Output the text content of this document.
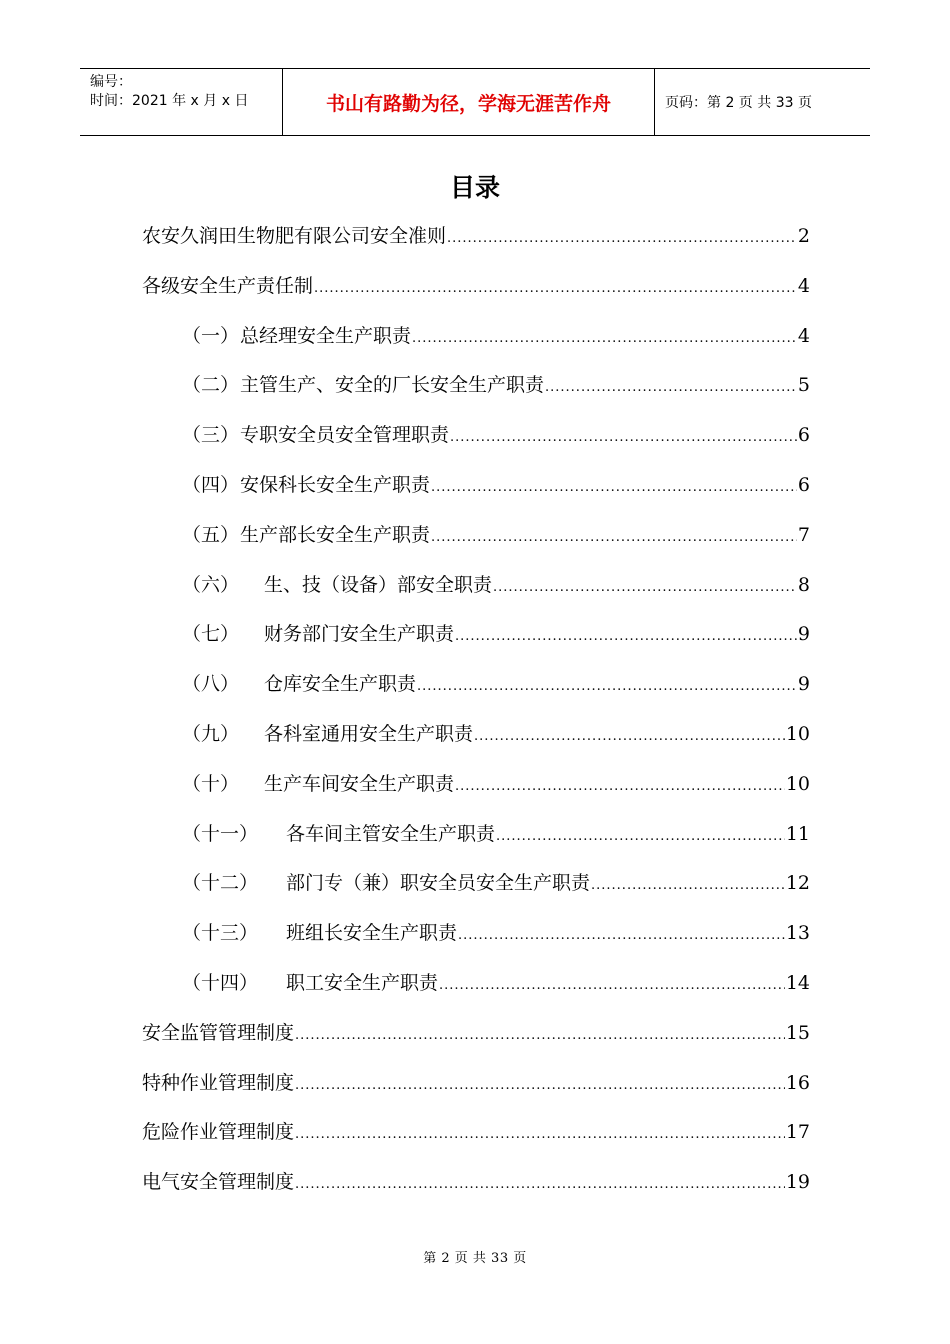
编号：
时间：2021 年 x 月 x 日	书山有路勤为径，学海无涯苦作舟	页码：第 2 页 共 33 页
目录
农安久润田生物肥有限公司安全准则 .....	2
各级安全生产责任制 .....	4
（一） 总经理安全生产职责 .....	4
（二） 主管生产、安全的厂长安全生产职责 .....	5
（三） 专职安全员安全管理职责 .....	6
（四） 安保科长安全生产职责 .....	6
（五） 生产部长安全生产职责 .....	7
（六）	生、技（设备）部安全职责 .....	8
（七）	财务部门安全生产职责 .....	9
（八）	仓库安全生产职责 .....	9
（九）	各科室通用安全生产职责 .....	10
（十）	生产车间安全生产职责 .....	10
（十一）	各车间主管安全生产职责 .....	11
（十二）	部门专（兼）职安全员安全生产职责 .....	12
（十三）	班组长安全生产职责 .....	13
（十四）	职工安全生产职责 .....	14
安全监管管理制度 .....	15
特种作业管理制度 .....	16
危险作业管理制度 .....	17
电气安全管理制度 .....	19
第 2 页 共 33 页
